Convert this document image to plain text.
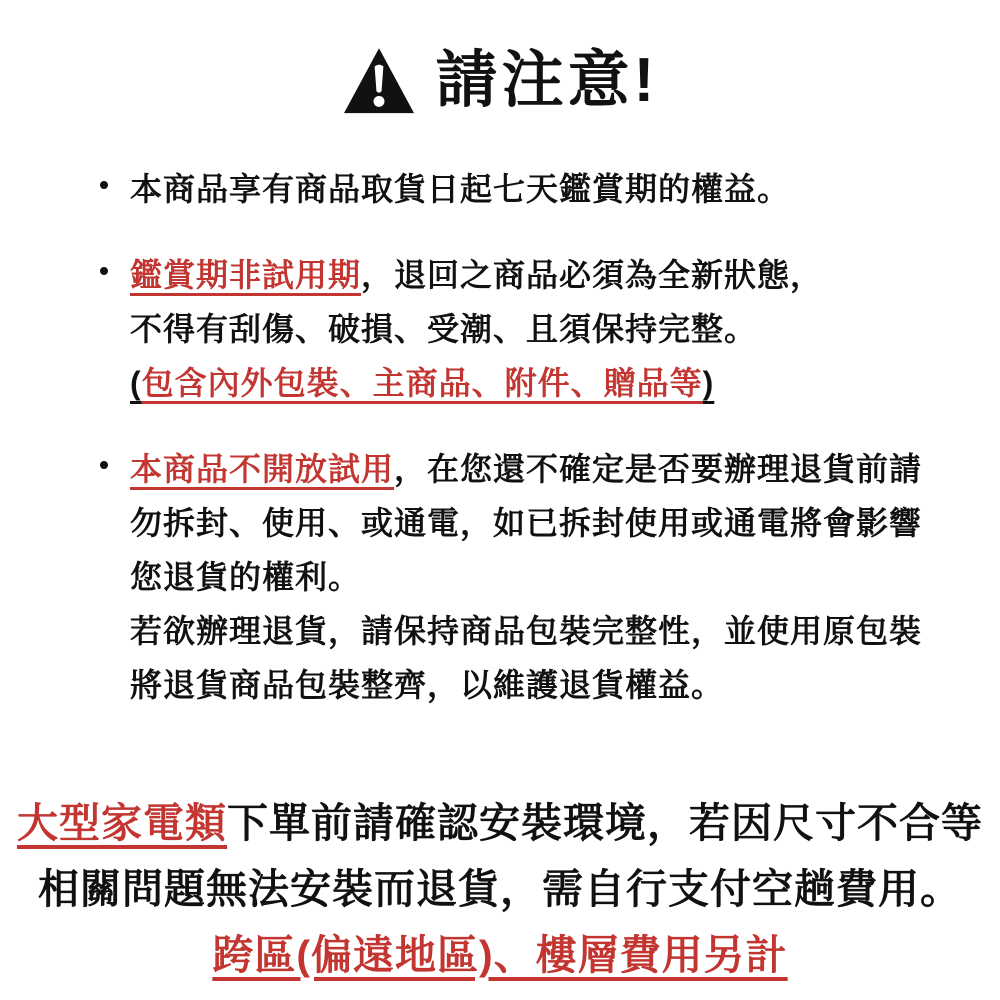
請注意!

本商品享有商品取貨日起七天鑑賞期的權益。

鑑賞期非試用期，退回之商品必須為全新狀態，

不得有刮傷、破損、受潮、且須保持完整。

(包含內外包裝、主商品、附件、贈品等)

本商品不開放試用，在您還不確定是否要辦理退貨前請

勿拆封、使用、或通電，如已拆封使用或通電將會影響

您退貨的權利。

若欲辦理退貨，請保持商品包裝完整性，並使用原包裝

將退貨商品包裝整齊，以維護退貨權益。

大型家電類下單前請確認安裝環境，若因尺寸不合等

相關問題無法安裝而退貨，需自行支付空趟費用。

跨區(偏遠地區)、樓層費用另計
